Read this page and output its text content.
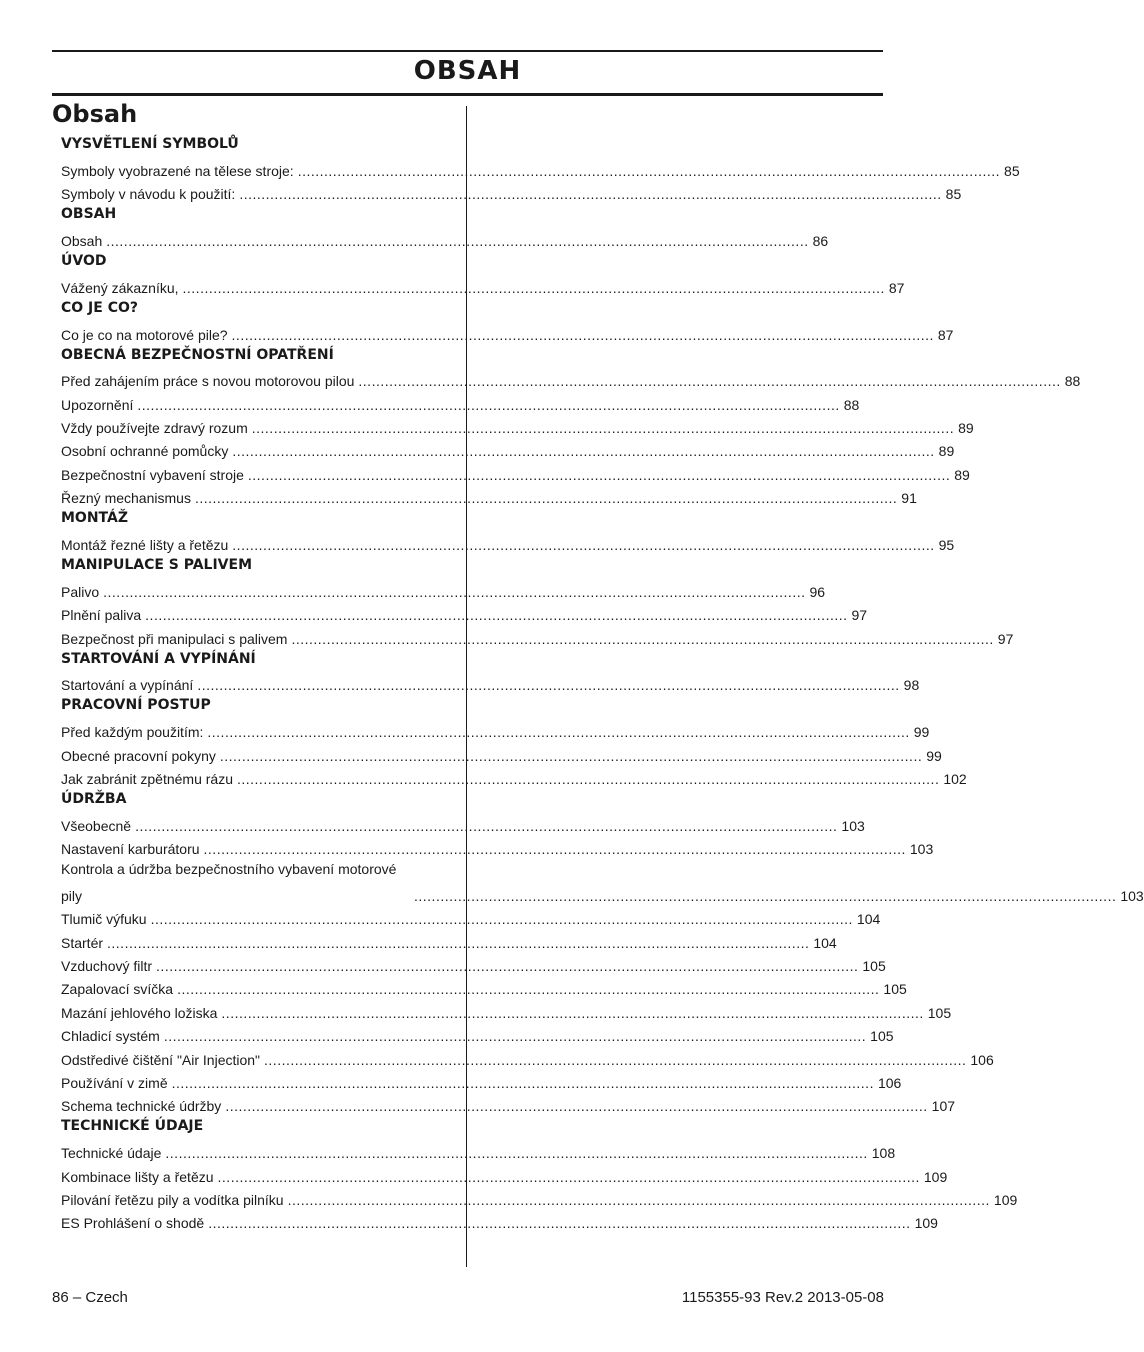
OBSAH
Obsah
VYSVĚTLENÍ SYMBOLŮ
Symboly vyobrazené na tělese stroje: .....	85
Symboly v návodu k použití: .....	85
OBSAH
Obsah .....	86
ÚVOD
Vážený zákazníku, .....	87
CO JE CO?
Co je co na motorové pile? .....	87
OBECNÁ BEZPEČNOSTNÍ OPATŘENÍ
Před zahájením práce s novou motorovou pilou .....	88
Upozornění .....	88
Vždy používejte zdravý rozum .....	89
Osobní ochranné pomůcky .....	89
Bezpečnostní vybavení stroje .....	89
Řezný mechanismus .....	91
MONTÁŽ
Montáž řezné lišty a řetězu .....	95
MANIPULACE S PALIVEM
Palivo .....	96
Plnění paliva .....	97
Bezpečnost při manipulaci s palivem .....	97
STARTOVÁNÍ A VYPÍNÁNÍ
Startování a vypínání .....	98
PRACOVNÍ POSTUP
Před každým použitím: .....	99
Obecné pracovní pokyny .....	99
Jak zabránit zpětnému rázu .....	102
ÚDRŽBA
Všeobecně .....	103
Nastavení karburátoru .....	103
Kontrola a údržba bezpečnostního vybavení motorové
pily .....	103
Tlumič výfuku .....	104
Startér .....	104
Vzduchový filtr .....	105
Zapalovací svíčka .....	105
Mazání jehlového ložiska .....	105
Chladicí systém .....	105
Odstředivé čištění "Air Injection" .....	106
Používání v zimě .....	106
Schema technické údržby .....	107
TECHNICKÉ ÚDAJE
Technické údaje .....	108
Kombinace lišty a řetězu .....	109
Pilování řetězu pily a vodítka pilníku .....	109
ES Prohlášení o shodě .....	109
86 – Czech	1155355-93 Rev.2 2013-05-08
